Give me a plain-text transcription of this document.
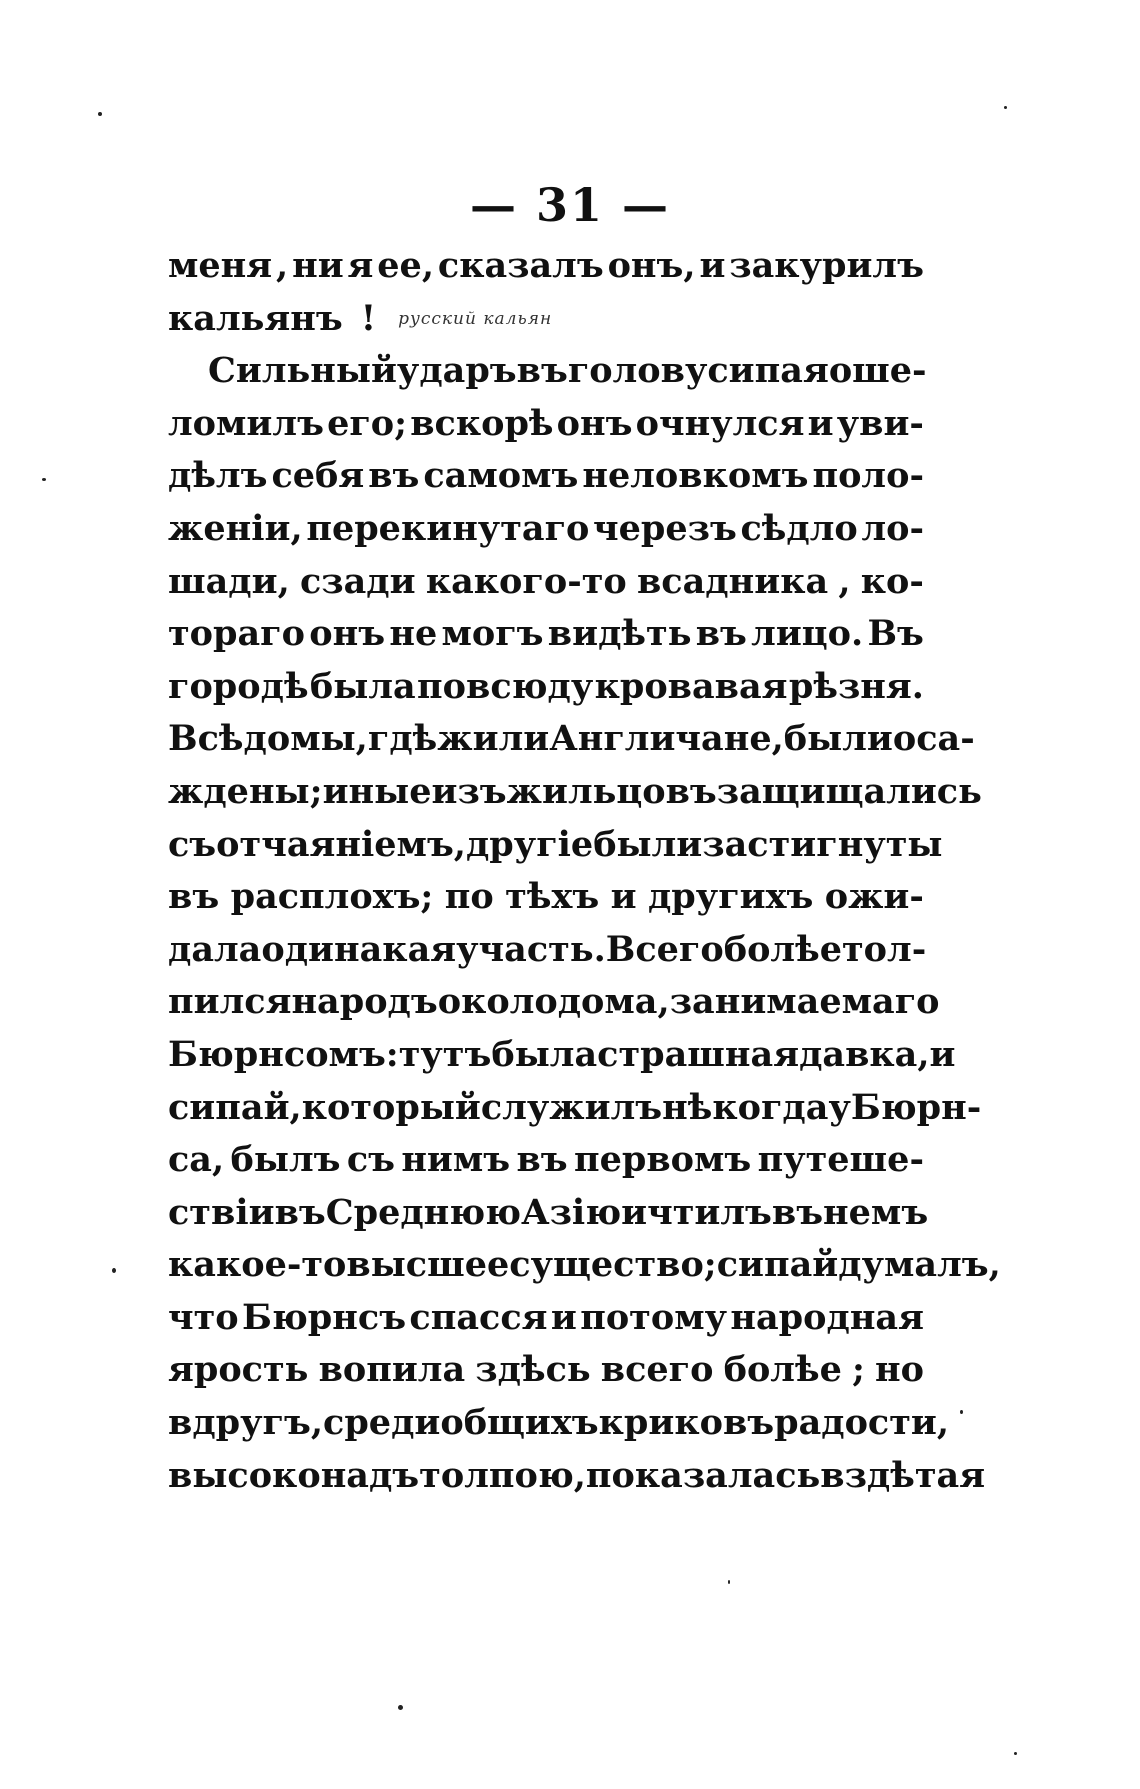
— 31 —
меня , ни я ее, сказалъ онъ, и закурилъ
кальянъ ! русский кальян
Сильный ударъ въ голову сипая оше-
ломилъ его; вскорѣ онъ очнулся и уви-
дѣлъ себя въ самомъ неловкомъ поло-
женіи, перекинутаго черезъ сѣдло ло-
шади, сзади какого-то всадника , ко-
тораго онъ не могъ видѣть въ лицо. Въ
городѣ была повсюду кровавая рѣзня.
Всѣ домы, гдѣ жили Англичане, были оса-
ждены; иные изъ жильцовъ защищались
съ отчаяніемъ, другіе были застигнуты
въ расплохъ; по тѣхъ и другихъ ожи-
дала одинакая участь. Всего болѣе тол-
пился народъ около дома, занимаемаго
Бюрнсомъ : тутъ была страшная давка, и
сипай, который служилъ нѣкогда у Бюрн-
са, былъ съ нимъ въ первомъ путеше-
ствіи въ Среднюю Азію и чтилъ въ немъ
какое-то высшее существо; сипай думалъ,
что Бюрнсъ спасся и потому народная
ярость вопила здѣсь всего болѣе ; но
вдругъ, среди общихъ криковъ радости,
высоко надъ толпою, показалась вздѣтая
